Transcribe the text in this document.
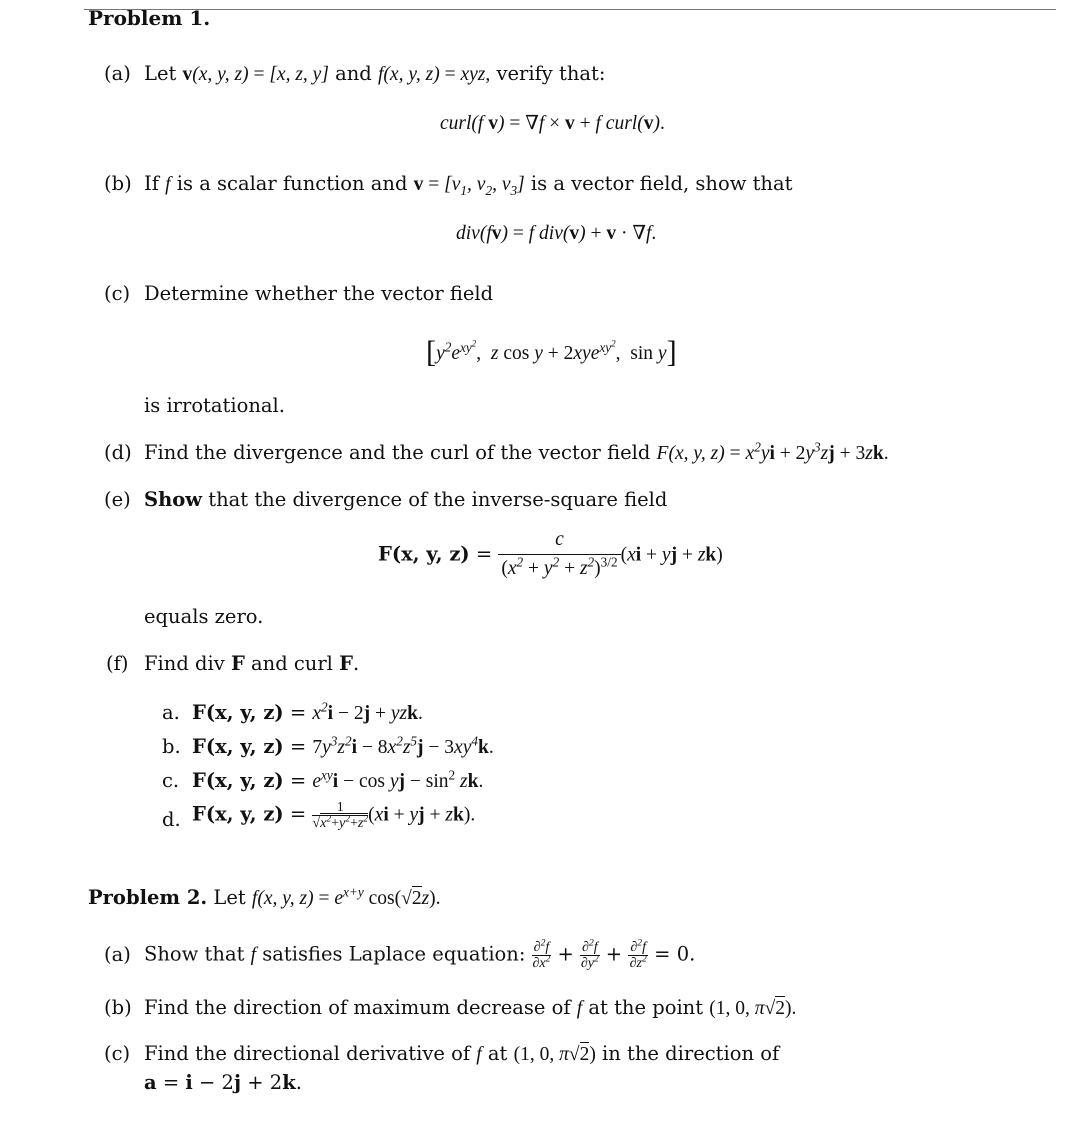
Problem 1.
(a) Let v(x, y, z) = [x, z, y] and f(x, y, z) = xyz, verify that:
curl(f v) = ∇f × v + f curl(v).
(b) If f is a scalar function and $v = [v_1$, $v_2$, $v_3$] is a vector field, show that
div(fv) = f div(v) + v · ∇f.
(c) Determine whether the vector field
[$y^2e^{xy^2}$,  z cos y + 2xye$^{xy^2}$, sin y]
is irrotational.
(d) Find the divergence and the curl of the vector field F(x, y, $z) = x^2yi + 2y^3zj + 3zk$.
(e) Show that the divergence of the inverse-square field
F(x, y, $z) = \frac{c}{(x^2 + y^2 + z^2)^{3/2}} (xi$ + yj + zk)
equals zero.
(f) Find div F and curl F.
a. F(x, y, $z) = x^2i - 2j$ + yzk.
b. F(x, y, $z) = 7y^3z^2i - 8x^2z^5j - 3xy^4k$.
c. F(x, y, $z) = e^{xy}i - \cos$ yj − $\sin^2$ zk.
d. F(x, y, $z) = \frac{1}{√x^2+y^2+z^2} (xi$ + yj + zk).
Problem 2. Let f(x, y, $z) = e^{x+y}$ cos(√2z).
(a) Show that f satisfies Laplace equation: $\frac{\partial^2f}{\partial x^2} + \frac{\partial^2f}{\partial y^2} + \frac{\partial^2f}{\partial z^2} = 0$.
(b) Find the direction of maximum decrease of f at the point (1, 0, π√2).
(c) Find the directional derivative of f at (1, 0, π√2) in the direction of
a = i − 2j + 2k.
